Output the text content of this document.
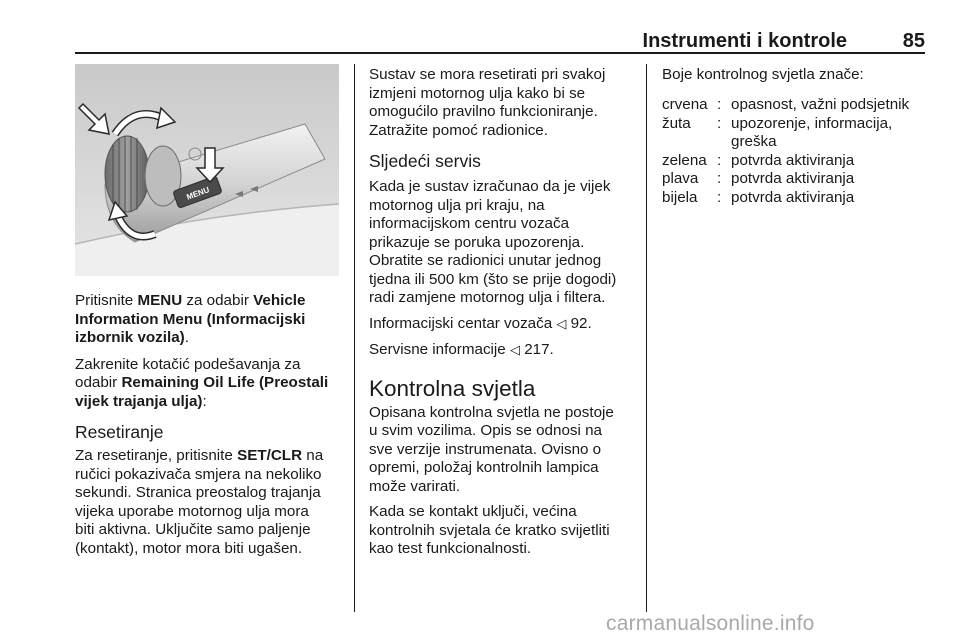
Instrumenti i kontrole	85
MENU

Pritisnite MENU za odabir Vehicle
Information Menu (Informacijski
izbornik vozila).

Zakrenite kotačić podešavanja za
odabir Remaining Oil Life (Preostali
vijek trajanja ulja):

Resetiranje

Za resetiranje, pritisnite SET/CLR na
ručici pokazivača smjera na nekoliko
sekundi. Stranica preostalog trajanja
vijeka uporabe motornog ulja mora
biti aktivna. Uključite samo paljenje
(kontakt), motor mora biti ugašen.

Sustav se mora resetirati pri svakoj
izmjeni motornog ulja kako bi se
omogućilo pravilno funkcioniranje.
Zatražite pomoć radionice.

Sljedeći servis

Kada je sustav izračunao da je vijek
motornog ulja pri kraju, na
informacijskom centru vozača
prikazuje se poruka upozorenja.
Obratite se radionici unutar jednog
tjedna ili 500 km (što se prije dogodi)
radi zamjene motornog ulja i filtera.

Informacijski centar vozača ◁ 92.

Servisne informacije ◁ 217.

Kontrolna svjetla

Opisana kontrolna svjetla ne postoje
u svim vozilima. Opis se odnosi na
sve verzije instrumenata. Ovisno o
opremi, položaj kontrolnih lampica
može varirati.

Kada se kontakt uključi, većina
kontrolnih svjetala će kratko svijetliti
kao test funkcionalnosti.

Boje kontrolnog svjetla znače:

crvena : opasnost, važni podsjetnik
žuta	: upozorenje, informacija, greška
zelena : potvrda aktiviranja
plava	: potvrda aktiviranja
bijela	: potvrda aktiviranja
carmanualsonline.info
